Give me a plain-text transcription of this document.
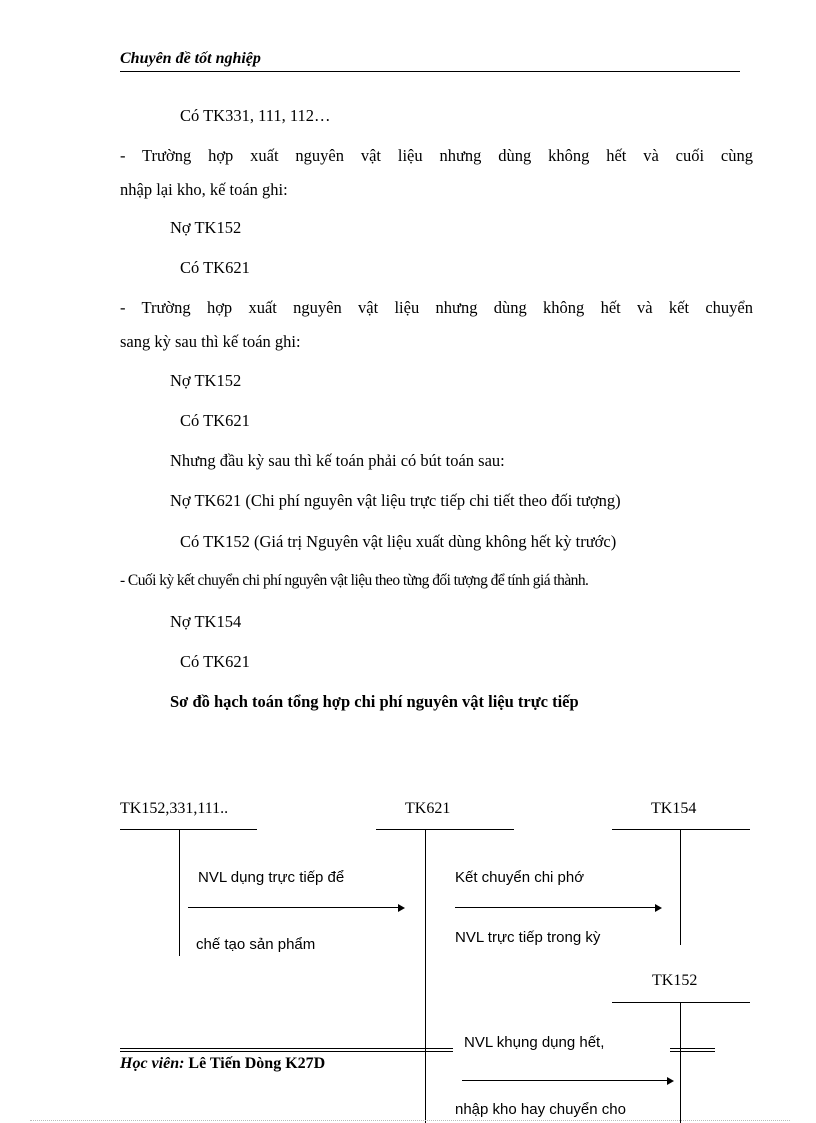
Chuyên đề tốt nghiệp
Có TK331, 111, 112…
- Trường hợp xuất nguyên vật liệu nhưng dùng không hết và cuối cùng
nhập lại kho, kế toán ghi:
Nợ TK152
Có TK621
- Trường hợp xuất nguyên vật liệu nhưng dùng không hết và kết chuyển
sang kỳ sau thì kế toán ghi:
Nợ TK152
Có TK621
Nhưng đầu kỳ sau thì kế toán phải có bút toán sau:
Nợ TK621 (Chi phí nguyên vật liệu trực tiếp chi tiết theo đối tượng)
Có TK152 (Giá trị Nguyên vật liệu xuất dùng không hết kỳ trước)
- Cuối kỳ kết chuyển chi phí nguyên vật liệu theo từng đối tượng để tính giá thành.
Nợ TK154
Có TK621
Sơ đồ hạch toán tổng hợp chi phí nguyên vật liệu trực tiếp
TK152,331,111..	TK621	TK154
NVL dụng trực tiếp để
chế tạo sản phẩm
Kết chuyển chi phớ
NVL trực tiếp trong kỳ
TK152
NVL khụng dụng hết,
nhập kho hay chuyển cho
Học viên: Lê Tiến Dòng K27D
